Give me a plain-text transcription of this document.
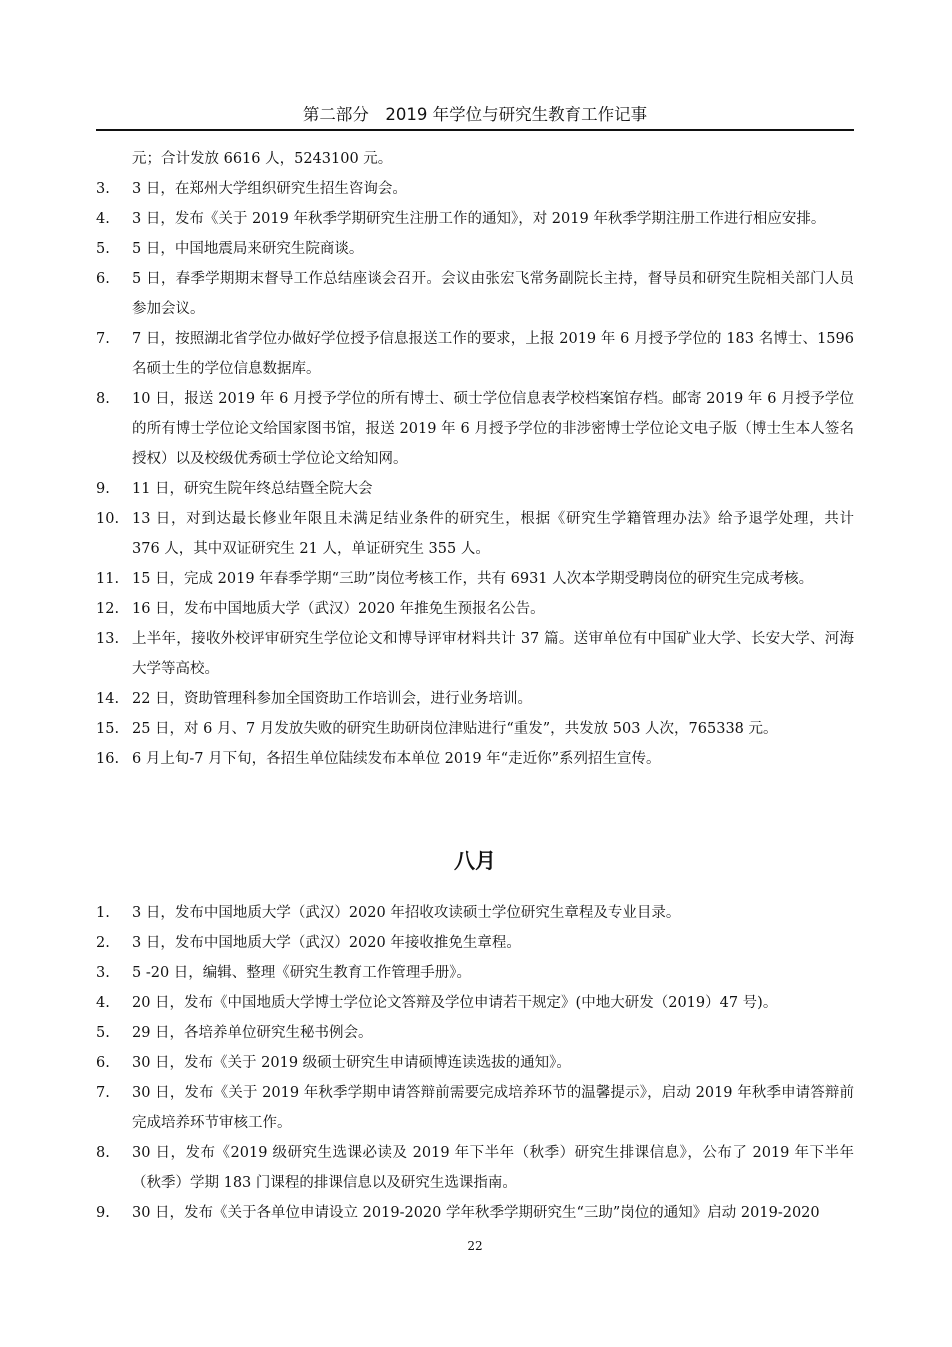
第二部分　2019 年学位与研究生教育工作记事
元；合计发放 6616 人，5243100 元。
3.	3 日，在郑州大学组织研究生招生咨询会。
4.	3 日，发布《关于 2019 年秋季学期研究生注册工作的通知》，对 2019 年秋季学期注册工作进行相应安排。
5.	5 日，中国地震局来研究生院商谈。
6.	5 日，春季学期期末督导工作总结座谈会召开。会议由张宏飞常务副院长主持，督导员和研究生院相关部门人员参加会议。
7.	7 日，按照湖北省学位办做好学位授予信息报送工作的要求，上报 2019 年 6 月授予学位的 183 名博士、1596 名硕士生的学位信息数据库。
8.	10 日，报送 2019 年 6 月授予学位的所有博士、硕士学位信息表学校档案馆存档。邮寄 2019 年 6 月授予学位的所有博士学位论文给国家图书馆，报送 2019 年 6 月授予学位的非涉密博士学位论文电子版（博士生本人签名授权）以及校级优秀硕士学位论文给知网。
9.	11 日，研究生院年终总结暨全院大会
10. 13 日，对到达最长修业年限且未满足结业条件的研究生，根据《研究生学籍管理办法》给予退学处理，共计 376 人，其中双证研究生 21 人，单证研究生 355 人。
11. 15 日，完成 2019 年春季学期“三助”岗位考核工作，共有 6931 人次本学期受聘岗位的研究生完成考核。
12. 16 日，发布中国地质大学（武汉）2020 年推免生预报名公告。
13. 上半年，接收外校评审研究生学位论文和博导评审材料共计 37 篇。送审单位有中国矿业大学、长安大学、河海大学等高校。
14. 22 日，资助管理科参加全国资助工作培训会，进行业务培训。
15. 25 日，对 6 月、7 月发放失败的研究生助研岗位津贴进行“重发”，共发放 503 人次，765338 元。
16. 6 月上旬-7 月下旬，各招生单位陆续发布本单位 2019 年“走近你”系列招生宣传。
八月
1.	3 日，发布中国地质大学（武汉）2020 年招收攻读硕士学位研究生章程及专业目录。
2.	3 日，发布中国地质大学（武汉）2020 年接收推免生章程。
3.	5 -20 日，编辑、整理《研究生教育工作管理手册》。
4.	20 日，发布《中国地质大学博士学位论文答辩及学位申请若干规定》(中地大研发（2019）47 号)。
5.	29 日，各培养单位研究生秘书例会。
6.	30 日，发布《关于 2019 级硕士研究生申请硕博连读选拔的通知》。
7.	30 日，发布《关于 2019 年秋季学期申请答辩前需要完成培养环节的温馨提示》，启动 2019 年秋季申请答辩前完成培养环节审核工作。
8.	30 日，发布《2019 级研究生选课必读及 2019 年下半年（秋季）研究生排课信息》，公布了 2019 年下半年（秋季）学期 183 门课程的排课信息以及研究生选课指南。
9.	30 日，发布《关于各单位申请设立 2019-2020 学年秋季学期研究生“三助”岗位的通知》启动 2019-2020
22
